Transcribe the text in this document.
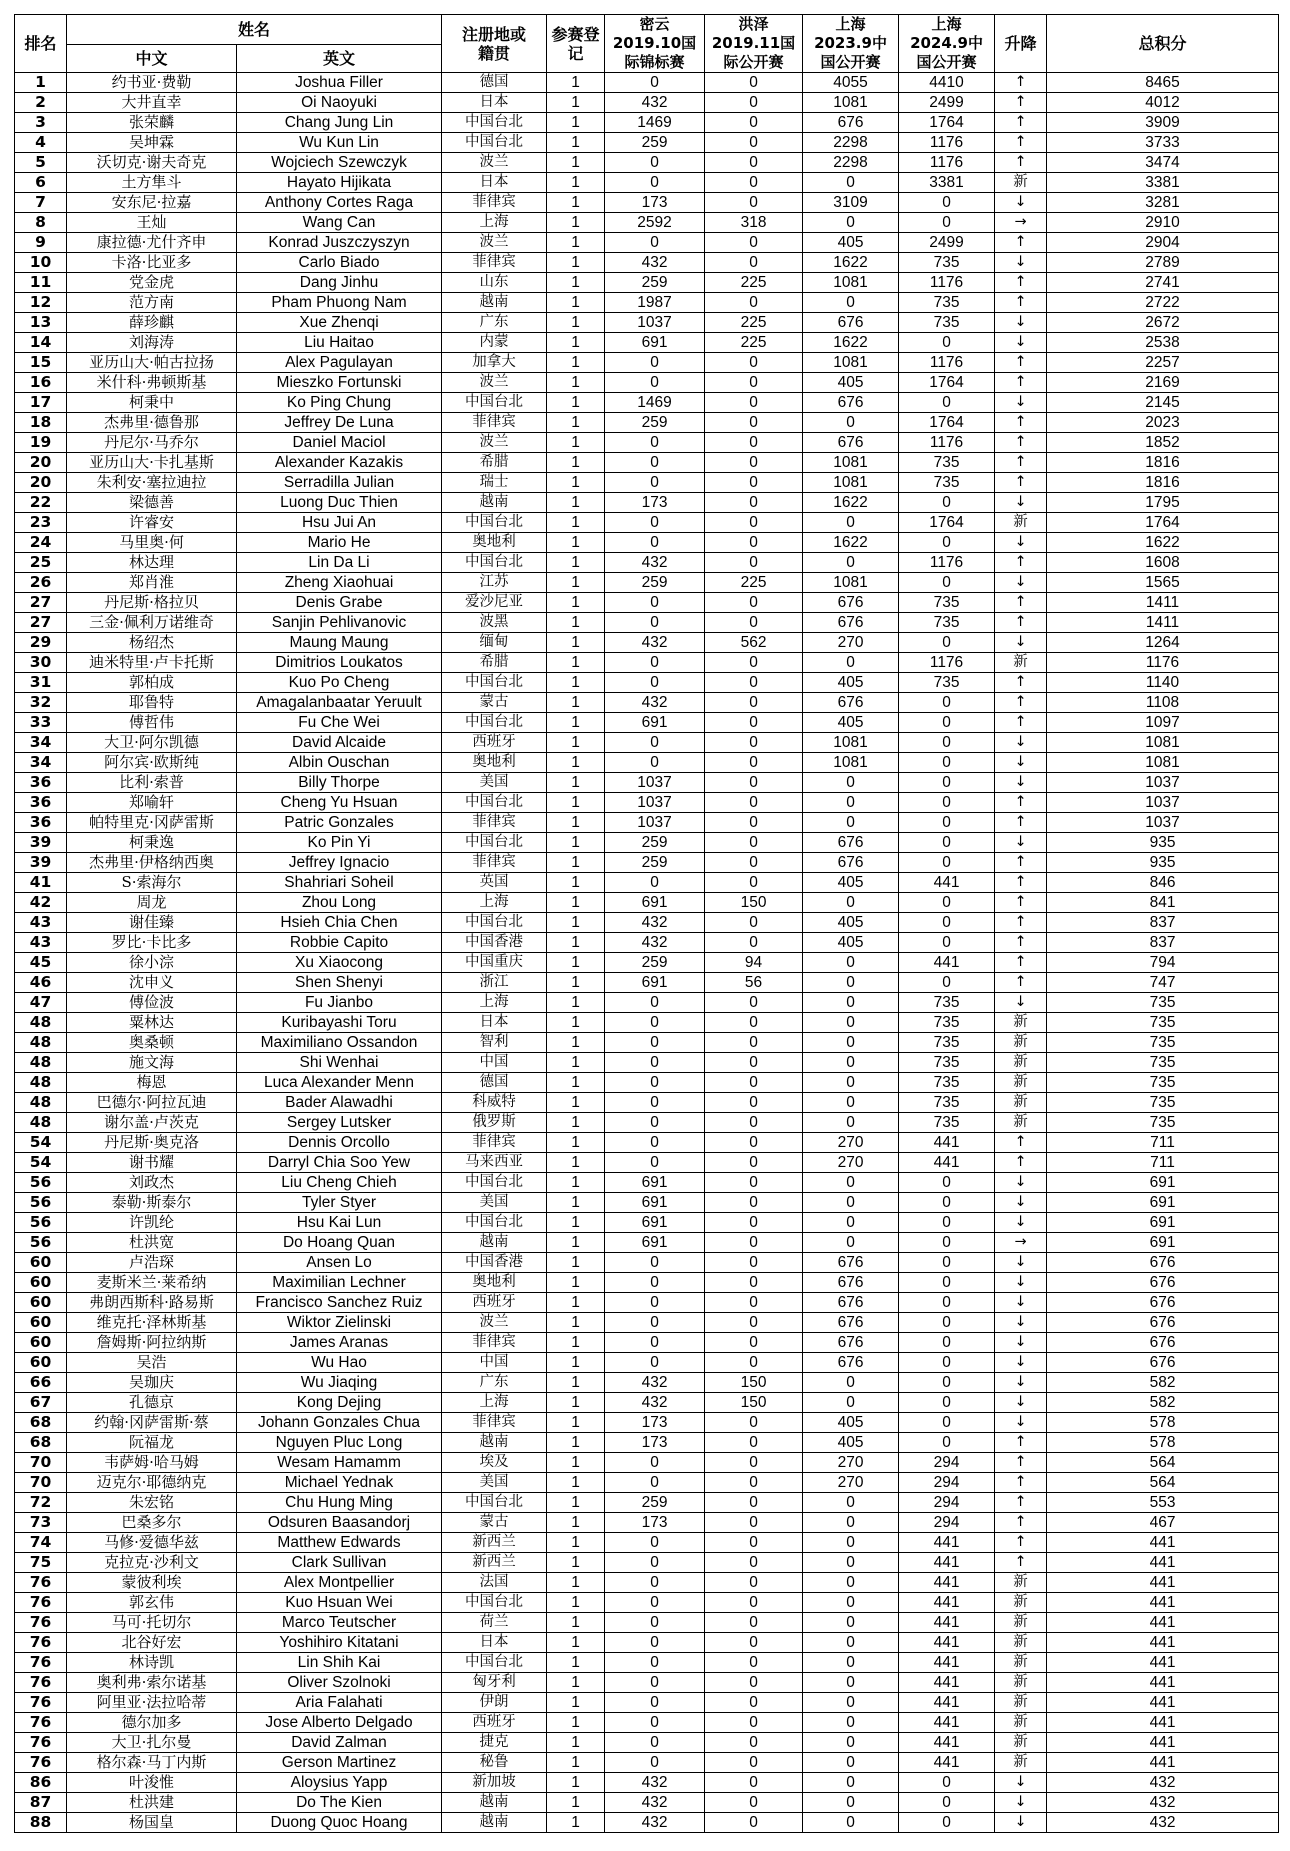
排名	姓名		注册地或籍贯	参赛登记	密云2019.10国际锦标赛	洪泽2019.11国际公开赛	上海2023.9中国公开赛	上海2024.9中国公开赛	升降	总积分
	中文	英文								
1	约书亚·费勒	Joshua Filler	德国	1	0	0	4055	4410	↑	8465
2	大井直幸	Oi Naoyuki	日本	1	432	0	1081	2499	↑	4012
3	张荣麟	Chang Jung Lin	中国台北	1	1469	0	676	1764	↑	3909
4	吴坤霖	Wu Kun Lin	中国台北	1	259	0	2298	1176	↑	3733
5	沃切克·谢夫奇克	Wojciech Szewczyk	波兰	1	0	0	2298	1176	↑	3474
6	土方隼斗	Hayato Hijikata	日本	1	0	0	0	3381	新	3381
7	安东尼·拉嘉	Anthony Cortes Raga	菲律宾	1	173	0	3109	0	↓	3281
8	王灿	Wang Can	上海	1	2592	318	0	0	→	2910
9	康拉德·尤什齐申	Konrad Juszczyszyn	波兰	1	0	0	405	2499	↑	2904
10	卡洛·比亚多	Carlo Biado	菲律宾	1	432	0	1622	735	↓	2789
11	党金虎	Dang Jinhu	山东	1	259	225	1081	1176	↑	2741
12	范方南	Pham Phuong Nam	越南	1	1987	0	0	735	↑	2722
13	薛珍麒	Xue Zhenqi	广东	1	1037	225	676	735	↓	2672
14	刘海涛	Liu Haitao	内蒙	1	691	225	1622	0	↓	2538
15	亚历山大·帕古拉扬	Alex Pagulayan	加拿大	1	0	0	1081	1176	↑	2257
16	米什科·弗顿斯基	Mieszko Fortunski	波兰	1	0	0	405	1764	↑	2169
17	柯秉中	Ko Ping Chung	中国台北	1	1469	0	676	0	↓	2145
18	杰弗里·德鲁那	Jeffrey De Luna	菲律宾	1	259	0	0	1764	↑	2023
19	丹尼尔·马乔尔	Daniel Maciol	波兰	1	0	0	676	1176	↑	1852
20	亚历山大·卡扎基斯	Alexander Kazakis	希腊	1	0	0	1081	735	↑	1816
20	朱利安·塞拉迪拉	Serradilla Julian	瑞士	1	0	0	1081	735	↑	1816
22	梁德善	Luong Duc Thien	越南	1	173	0	1622	0	↓	1795
23	许睿安	Hsu Jui An	中国台北	1	0	0	0	1764	新	1764
24	马里奥·何	Mario He	奥地利	1	0	0	1622	0	↓	1622
25	林达理	Lin Da Li	中国台北	1	432	0	0	1176	↑	1608
26	郑肖淮	Zheng Xiaohuai	江苏	1	259	225	1081	0	↓	1565
27	丹尼斯·格拉贝	Denis Grabe	爱沙尼亚	1	0	0	676	735	↑	1411
27	三金·佩利万诺维奇	Sanjin Pehlivanovic	波黑	1	0	0	676	735	↑	1411
29	杨绍杰	Maung Maung	缅甸	1	432	562	270	0	↓	1264
30	迪米特里·卢卡托斯	Dimitrios Loukatos	希腊	1	0	0	0	1176	新	1176
31	郭柏成	Kuo Po Cheng	中国台北	1	0	0	405	735	↑	1140
32	耶鲁特	Amagalanbaatar Yeruult	蒙古	1	432	0	676	0	↑	1108
33	傅哲伟	Fu Che Wei	中国台北	1	691	0	405	0	↑	1097
34	大卫·阿尔凯德	David Alcaide	西班牙	1	0	0	1081	0	↓	1081
34	阿尔宾·欧斯纯	Albin Ouschan	奥地利	1	0	0	1081	0	↓	1081
36	比利·索普	Billy Thorpe	美国	1	1037	0	0	0	↓	1037
36	郑喻轩	Cheng Yu Hsuan	中国台北	1	1037	0	0	0	↑	1037
36	帕特里克·冈萨雷斯	Patric Gonzales	菲律宾	1	1037	0	0	0	↑	1037
39	柯秉逸	Ko Pin Yi	中国台北	1	259	0	676	0	↓	935
39	杰弗里·伊格纳西奥	Jeffrey Ignacio	菲律宾	1	259	0	676	0	↑	935
41	S·索海尔	Shahriari Soheil	英国	1	0	0	405	441	↑	846
42	周龙	Zhou Long	上海	1	691	150	0	0	↑	841
43	谢佳臻	Hsieh Chia Chen	中国台北	1	432	0	405	0	↑	837
43	罗比·卡比多	Robbie Capito	中国香港	1	432	0	405	0	↑	837
45	徐小淙	Xu Xiaocong	中国重庆	1	259	94	0	441	↑	794
46	沈申义	Shen Shenyi	浙江	1	691	56	0	0	↑	747
47	傅俭波	Fu Jianbo	上海	1	0	0	0	735	↓	735
48	粟林达	Kuribayashi Toru	日本	1	0	0	0	735	新	735
48	奥桑顿	Maximiliano Ossandon	智利	1	0	0	0	735	新	735
48	施文海	Shi Wenhai	中国	1	0	0	0	735	新	735
48	梅恩	Luca Alexander Menn	德国	1	0	0	0	735	新	735
48	巴德尔·阿拉瓦迪	Bader Alawadhi	科威特	1	0	0	0	735	新	735
48	谢尔盖·卢茨克	Sergey Lutsker	俄罗斯	1	0	0	0	735	新	735
54	丹尼斯·奥克洛	Dennis Orcollo	菲律宾	1	0	0	270	441	↑	711
54	谢书耀	Darryl Chia Soo Yew	马来西亚	1	0	0	270	441	↑	711
56	刘政杰	Liu Cheng Chieh	中国台北	1	691	0	0	0	↓	691
56	泰勒·斯泰尔	Tyler Styer	美国	1	691	0	0	0	↓	691
56	许凯纶	Hsu Kai Lun	中国台北	1	691	0	0	0	↓	691
56	杜洪宽	Do Hoang Quan	越南	1	691	0	0	0	→	691
60	卢浩琛	Ansen Lo	中国香港	1	0	0	676	0	↓	676
60	麦斯米兰·莱希纳	Maximilian Lechner	奥地利	1	0	0	676	0	↓	676
60	弗朗西斯科·路易斯	Francisco Sanchez Ruiz	西班牙	1	0	0	676	0	↓	676
60	维克托·泽林斯基	Wiktor Zielinski	波兰	1	0	0	676	0	↓	676
60	詹姆斯·阿拉纳斯	James Aranas	菲律宾	1	0	0	676	0	↓	676
60	吴浩	Wu Hao	中国	1	0	0	676	0	↓	676
66	吴珈庆	Wu Jiaqing	广东	1	432	150	0	0	↓	582
67	孔德京	Kong Dejing	上海	1	432	150	0	0	↓	582
68	约翰·冈萨雷斯·蔡	Johann Gonzales Chua	菲律宾	1	173	0	405	0	↓	578
68	阮福龙	Nguyen Pluc Long	越南	1	173	0	405	0	↑	578
70	韦萨姆·哈马姆	Wesam Hamamm	埃及	1	0	0	270	294	↑	564
70	迈克尔·耶德纳克	Michael Yednak	美国	1	0	0	270	294	↑	564
72	朱宏铭	Chu Hung Ming	中国台北	1	259	0	0	294	↑	553
73	巴桑多尔	Odsuren Baasandorj	蒙古	1	173	0	0	294	↑	467
74	马修·爱德华兹	Matthew Edwards	新西兰	1	0	0	0	441	↑	441
75	克拉克·沙利文	Clark Sullivan	新西兰	1	0	0	0	441	↑	441
76	蒙彼利埃	Alex Montpellier	法国	1	0	0	0	441	新	441
76	郭玄伟	Kuo Hsuan Wei	中国台北	1	0	0	0	441	新	441
76	马可·托切尔	Marco Teutscher	荷兰	1	0	0	0	441	新	441
76	北谷好宏	Yoshihiro Kitatani	日本	1	0	0	0	441	新	441
76	林诗凯	Lin Shih Kai	中国台北	1	0	0	0	441	新	441
76	奥利弗·索尔诺基	Oliver Szolnoki	匈牙利	1	0	0	0	441	新	441
76	阿里亚·法拉哈蒂	Aria Falahati	伊朗	1	0	0	0	441	新	441
76	德尔加多	Jose Alberto Delgado	西班牙	1	0	0	0	441	新	441
76	大卫·扎尔曼	David Zalman	捷克	1	0	0	0	441	新	441
76	格尔森·马丁内斯	Gerson Martinez	秘鲁	1	0	0	0	441	新	441
86	叶浚惟	Aloysius Yapp	新加坡	1	432	0	0	0	↓	432
87	杜洪建	Do The Kien	越南	1	432	0	0	0	↓	432
88	杨国皇	Duong Quoc Hoang	越南	1	432	0	0	0	↓	432
